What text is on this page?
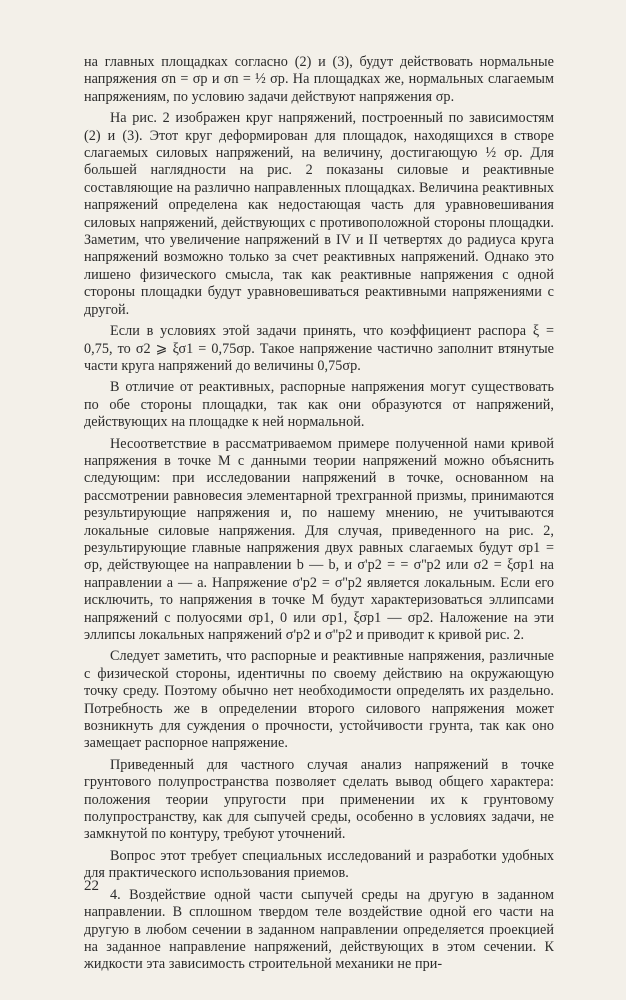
на главных площадках согласно (2) и (3), будут действовать нормальные напряжения σn = σp и σn = ½ σp. На площадках же, нормальных слагаемым напряжениям, по условию задачи действуют напряжения σp.

На рис. 2 изображен круг напряжений, построенный по зависимостям (2) и (3). Этот круг деформирован для площадок, находящихся в створе слагаемых силовых напряжений, на величину, достигающую ½ σp. Для большей наглядности на рис. 2 показаны силовые и реактивные составляющие на различно направленных площадках. Величина реактивных напряжений определена как недостающая часть для уравновешивания силовых напряжений, действующих с противоположной стороны площадки. Заметим, что увеличение напряжений в IV и II четвертях до радиуса круга напряжений возможно только за счет реактивных напряжений. Однако это лишено физического смысла, так как реактивные напряжения с одной стороны площадки будут уравновешиваться реактивными напряжениями с другой.

Если в условиях этой задачи принять, что коэффициент распора ξ = 0,75, то σ2 ⩾ ξσ1 = 0,75σp. Такое напряжение частично заполнит втянутые части круга напряжений до величины 0,75σp.

В отличие от реактивных, распорные напряжения могут существовать по обе стороны площадки, так как они образуются от напряжений, действующих на площадке к ней нормальной.

Несоответствие в рассматриваемом примере полученной нами кривой напряжения в точке М с данными теории напряжений можно объяснить следующим: при исследовании напряжений в точке, основанном на рассмотрении равновесия элементарной трехгранной призмы, принимаются результирующие напряжения и, по нашему мнению, не учитываются локальные силовые напряжения. Для случая, приведенного на рис. 2, результирующие главные напряжения двух равных слагаемых будут σp1 = σp, действующее на направлении b — b, и σ'p2 = = σ''p2 или σ2 = ξσp1 на направлении a — a. Напряжение σ'p2 = σ''p2 является локальным. Если его исключить, то напряжения в точке М будут характеризоваться эллипсами напряжений с полуосями σp1, 0 или σp1, ξσp1 — σp2. Наложение на эти эллипсы локальных напряжений σ'p2 и σ''p2 и приводит к кривой рис. 2.

Следует заметить, что распорные и реактивные напряжения, различные с физической стороны, идентичны по своему действию на окружающую точку среду. Поэтому обычно нет необходимости определять их раздельно. Потребность же в определении второго силового напряжения может возникнуть для суждения о прочности, устойчивости грунта, так как оно замещает распорное напряжение.

Приведенный для частного случая анализ напряжений в точке грунтового полупространства позволяет сделать вывод общего характера: положения теории упругости при применении их к грунтовому полупространству, как для сыпучей среды, особенно в условиях задачи, не замкнутой по контуру, требуют уточнений.

Вопрос этот требует специальных исследований и разработки удобных для практического использования приемов.

4. Воздействие одной части сыпучей среды на другую в заданном направлении. В сплошном твердом теле воздействие одной его части на другую в любом сечении в заданном направлении определяется проекцией на заданное направление напряжений, действующих в этом сечении. К жидкости эта зависимость строительной механики не при-

22
